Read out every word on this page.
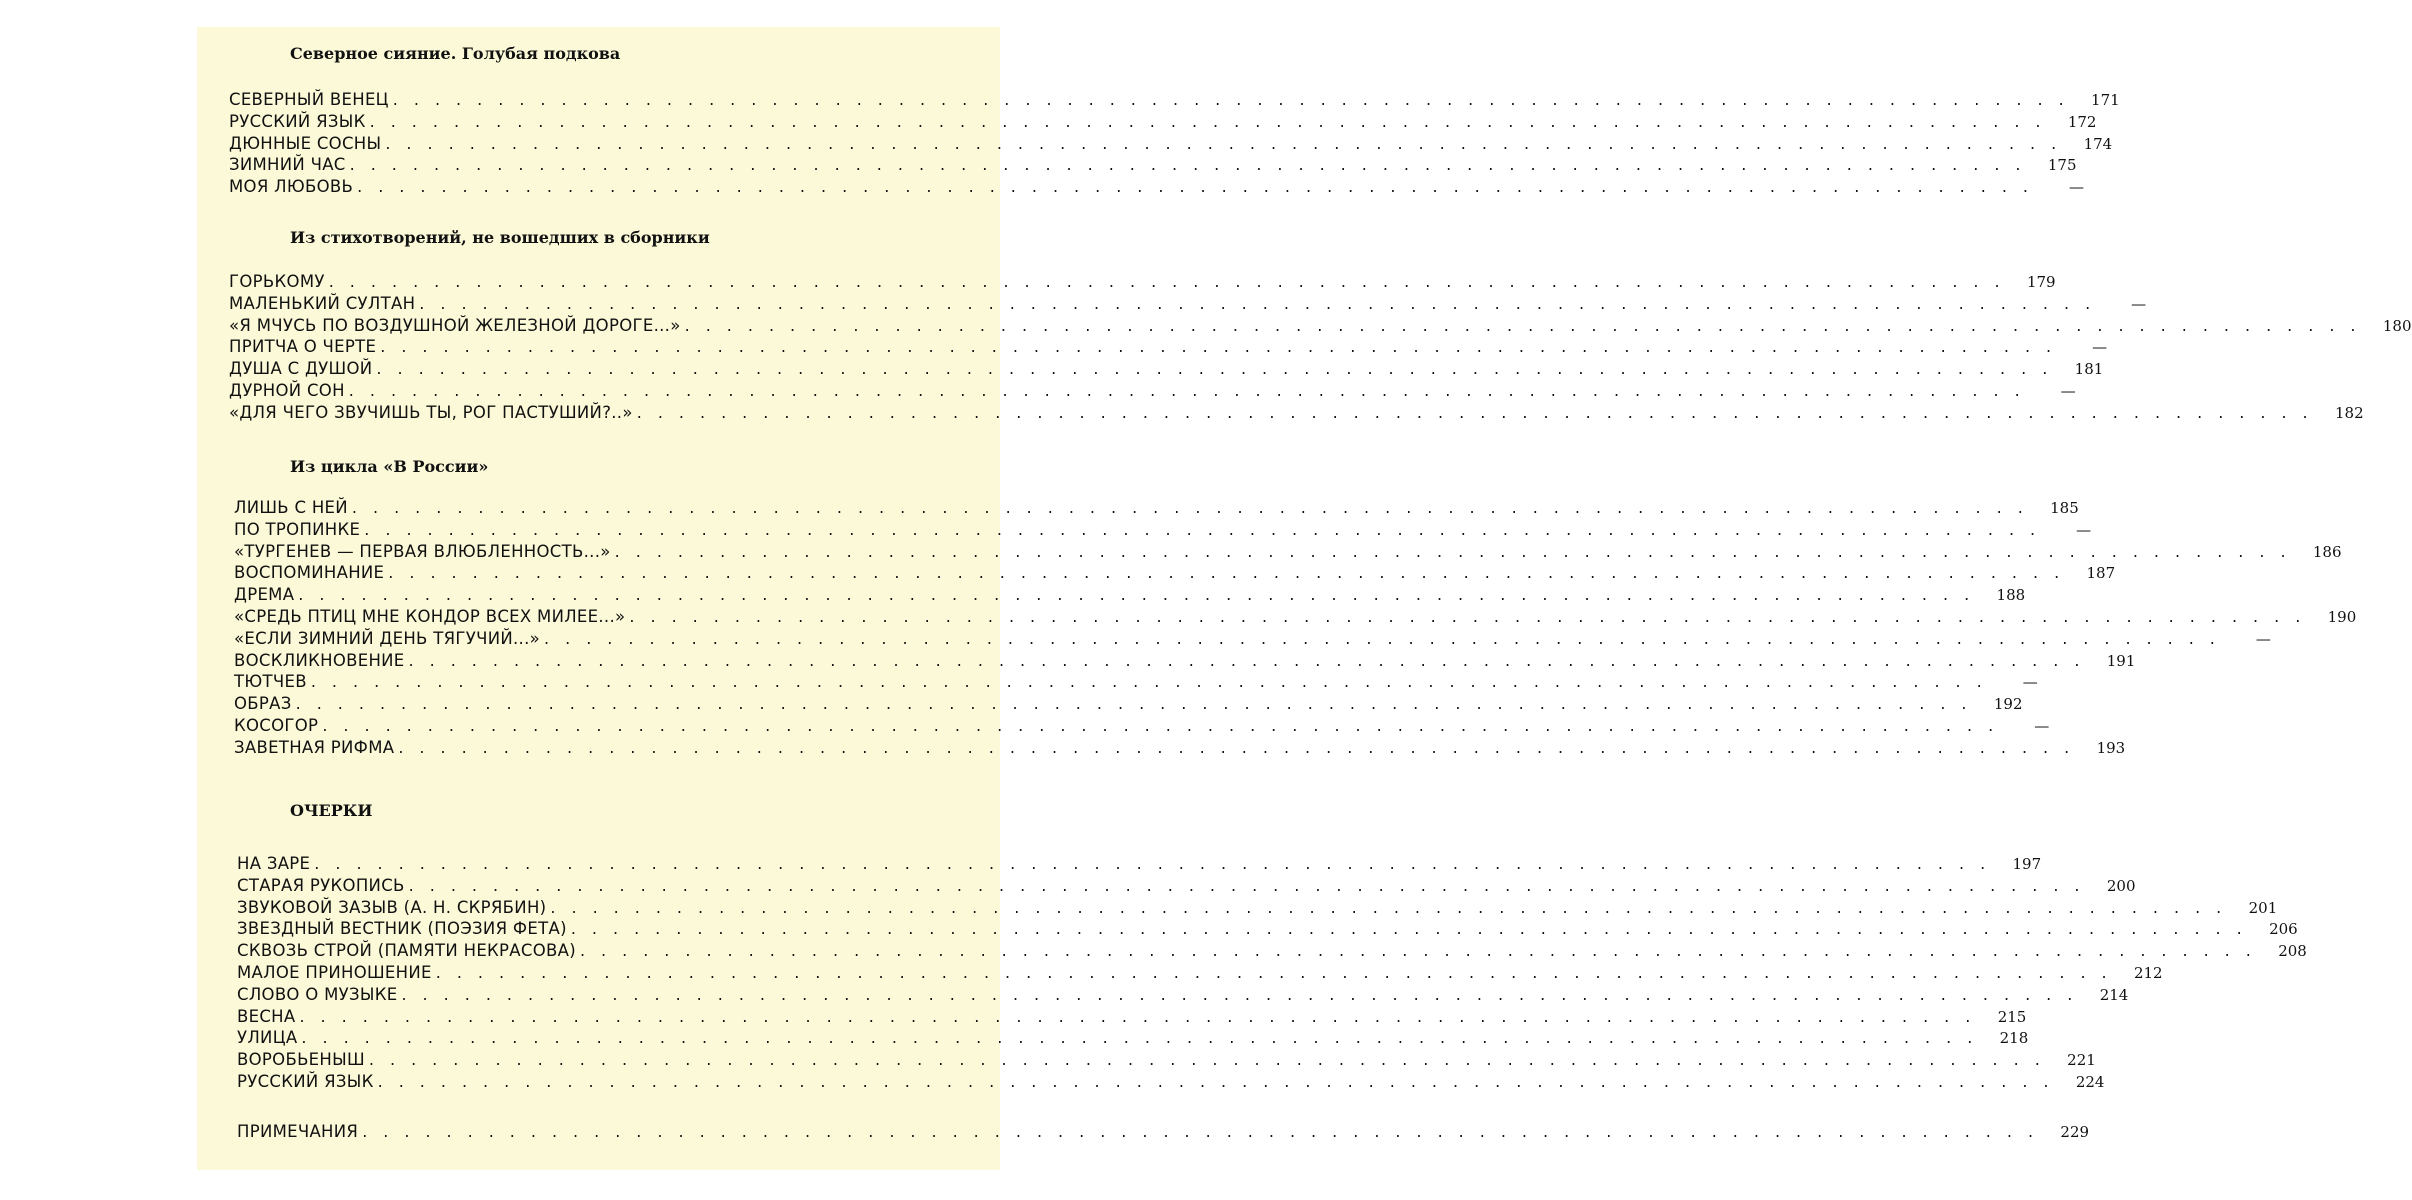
Северное сияние. Голубая подкова
СЕВЕРНЫЙ ВЕНЕЦ ................................................................................ 171
РУССКИЙ ЯЗЫК ................................................................................ 172
ДЮННЫЕ СОСНЫ ................................................................................ 174
ЗИМНИЙ ЧАС ................................................................................ 175
МОЯ ЛЮБОВЬ ................................................................................	—
Из стихотворений, не вошедших в сборники
ГОРЬКОМУ ................................................................................ 179
МАЛЕНЬКИЙ СУЛТАН ................................................................................	—
«Я МЧУСЬ ПО ВОЗДУШНОЙ ЖЕЛЕЗНОЙ ДОРОГЕ...» ................................................................................ 180
ПРИТЧА О ЧЕРТЕ ................................................................................	—
ДУША С ДУШОЙ ................................................................................ 181
ДУРНОЙ СОН ................................................................................	—
«ДЛЯ ЧЕГО ЗВУЧИШЬ ТЫ, РОГ ПАСТУШИЙ?..» ................................................................................ 182
Из цикла «В России»
ЛИШЬ С НЕЙ ................................................................................ 185
ПО ТРОПИНКЕ ................................................................................	—
«ТУРГЕНЕВ — ПЕРВАЯ ВЛЮБЛЕННОСТЬ...» ................................................................................ 186
ВОСПОМИНАНИЕ ................................................................................ 187
ДРЕМА ................................................................................ 188
«СРЕДЬ ПТИЦ МНЕ КОНДОР ВСЕХ МИЛЕЕ...» ................................................................................ 190
«ЕСЛИ ЗИМНИЙ ДЕНЬ ТЯГУЧИЙ...» ................................................................................	—
ВОСКЛИКНОВЕНИЕ ................................................................................ 191
ТЮТЧЕВ ................................................................................	—
ОБРАЗ ................................................................................ 192
КОСОГОР ................................................................................	—
ЗАВЕТНАЯ РИФМА ................................................................................ 193
ОЧЕРКИ
НА ЗАРЕ ................................................................................ 197
СТАРАЯ РУКОПИСЬ ................................................................................ 200
ЗВУКОВОЙ ЗАЗЫВ (А. Н. СКРЯБИН) ................................................................................ 201
ЗВЕЗДНЫЙ ВЕСТНИК (ПОЭЗИЯ ФЕТА) ................................................................................ 206
СКВОЗЬ СТРОЙ (ПАМЯТИ НЕКРАСОВА) ................................................................................ 208
МАЛОЕ ПРИНОШЕНИЕ ................................................................................ 212
СЛОВО О МУЗЫКЕ ................................................................................ 214
ВЕСНА ................................................................................ 215
УЛИЦА ................................................................................ 218
ВОРОБЬЕНЫШ ................................................................................ 221
РУССКИЙ ЯЗЫК ................................................................................ 224
ПРИМЕЧАНИЯ ................................................................................ 229
